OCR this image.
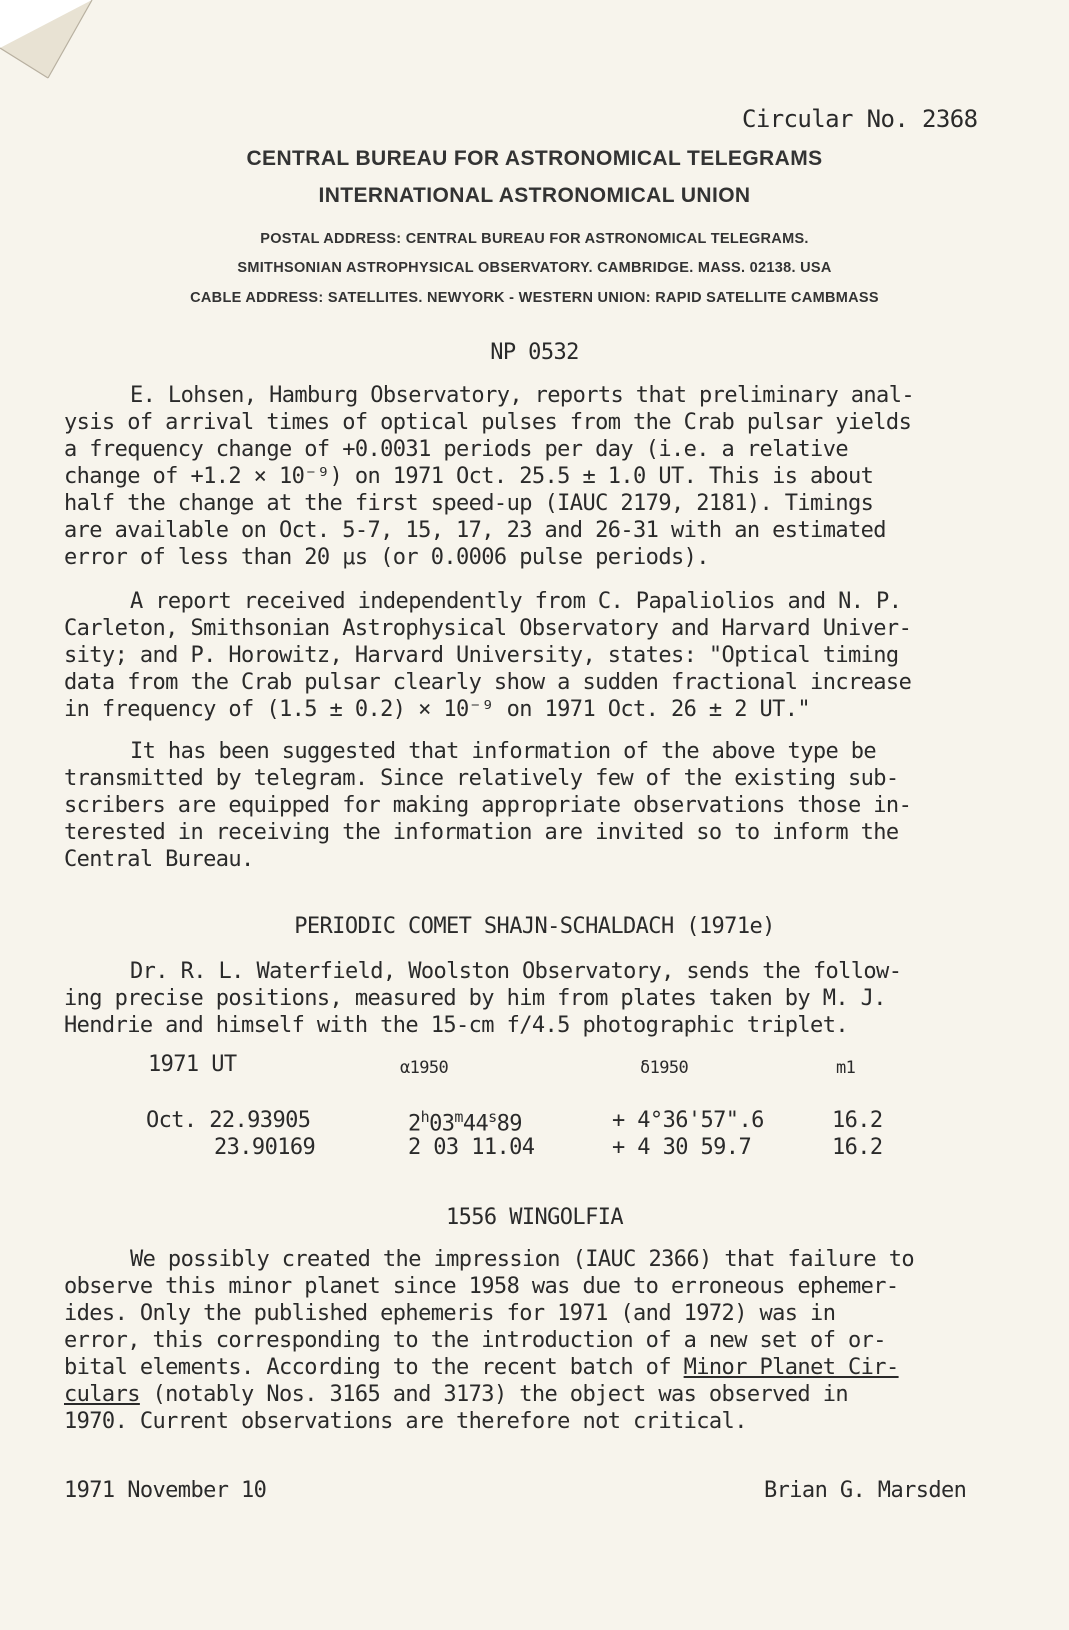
Circular No. 2368
CENTRAL BUREAU FOR ASTRONOMICAL TELEGRAMS
INTERNATIONAL ASTRONOMICAL UNION
POSTAL ADDRESS: CENTRAL BUREAU FOR ASTRONOMICAL TELEGRAMS.
SMITHSONIAN ASTROPHYSICAL OBSERVATORY. CAMBRIDGE. MASS. 02138. USA
CABLE ADDRESS: SATELLITES. NEWYORK - WESTERN UNION: RAPID SATELLITE CAMBMASS
NP 0532
E. Lohsen, Hamburg Observatory, reports that preliminary anal-
ysis of arrival times of optical pulses from the Crab pulsar yields
a frequency change of +0.0031 periods per day (i.e. a relative
change of +1.2 × 10⁻⁹) on 1971 Oct. 25.5 ± 1.0 UT. This is about
half the change at the first speed-up (IAUC 2179, 2181). Timings
are available on Oct. 5-7, 15, 17, 23 and 26-31 with an estimated
error of less than 20 μs (or 0.0006 pulse periods).
A report received independently from C. Papaliolios and N. P.
Carleton, Smithsonian Astrophysical Observatory and Harvard Univer-
sity; and P. Horowitz, Harvard University, states: "Optical timing
data from the Crab pulsar clearly show a sudden fractional increase
in frequency of (1.5 ± 0.2) × 10⁻⁹ on 1971 Oct. 26 ± 2 UT."
It has been suggested that information of the above type be
transmitted by telegram. Since relatively few of the existing sub-
scribers are equipped for making appropriate observations those in-
terested in receiving the information are invited so to inform the
Central Bureau.
PERIODIC COMET SHAJN-SCHALDACH (1971e)
Dr. R. L. Waterfield, Woolston Observatory, sends the follow-
ing precise positions, measured by him from plates taken by M. J.
Hendrie and himself with the 15-cm f/4.5 photographic triplet.
1971 UT	α1950	δ1950	m1
Oct. 22.93905	$2^h03^m44^s89$	+ 4°36'57".6	16.2
23.90169	2 03 11.04	+ 4 30 59.7	16.2
1556 WINGOLFIA
We possibly created the impression (IAUC 2366) that failure to
observe this minor planet since 1958 was due to erroneous ephemer-
ides. Only the published ephemeris for 1971 (and 1972) was in
error, this corresponding to the introduction of a new set of or-
bital elements. According to the recent batch of Minor Planet Cir-
culars (notably Nos. 3165 and 3173) the object was observed in
1970. Current observations are therefore not critical.
1971 November 10	Brian G. Marsden
